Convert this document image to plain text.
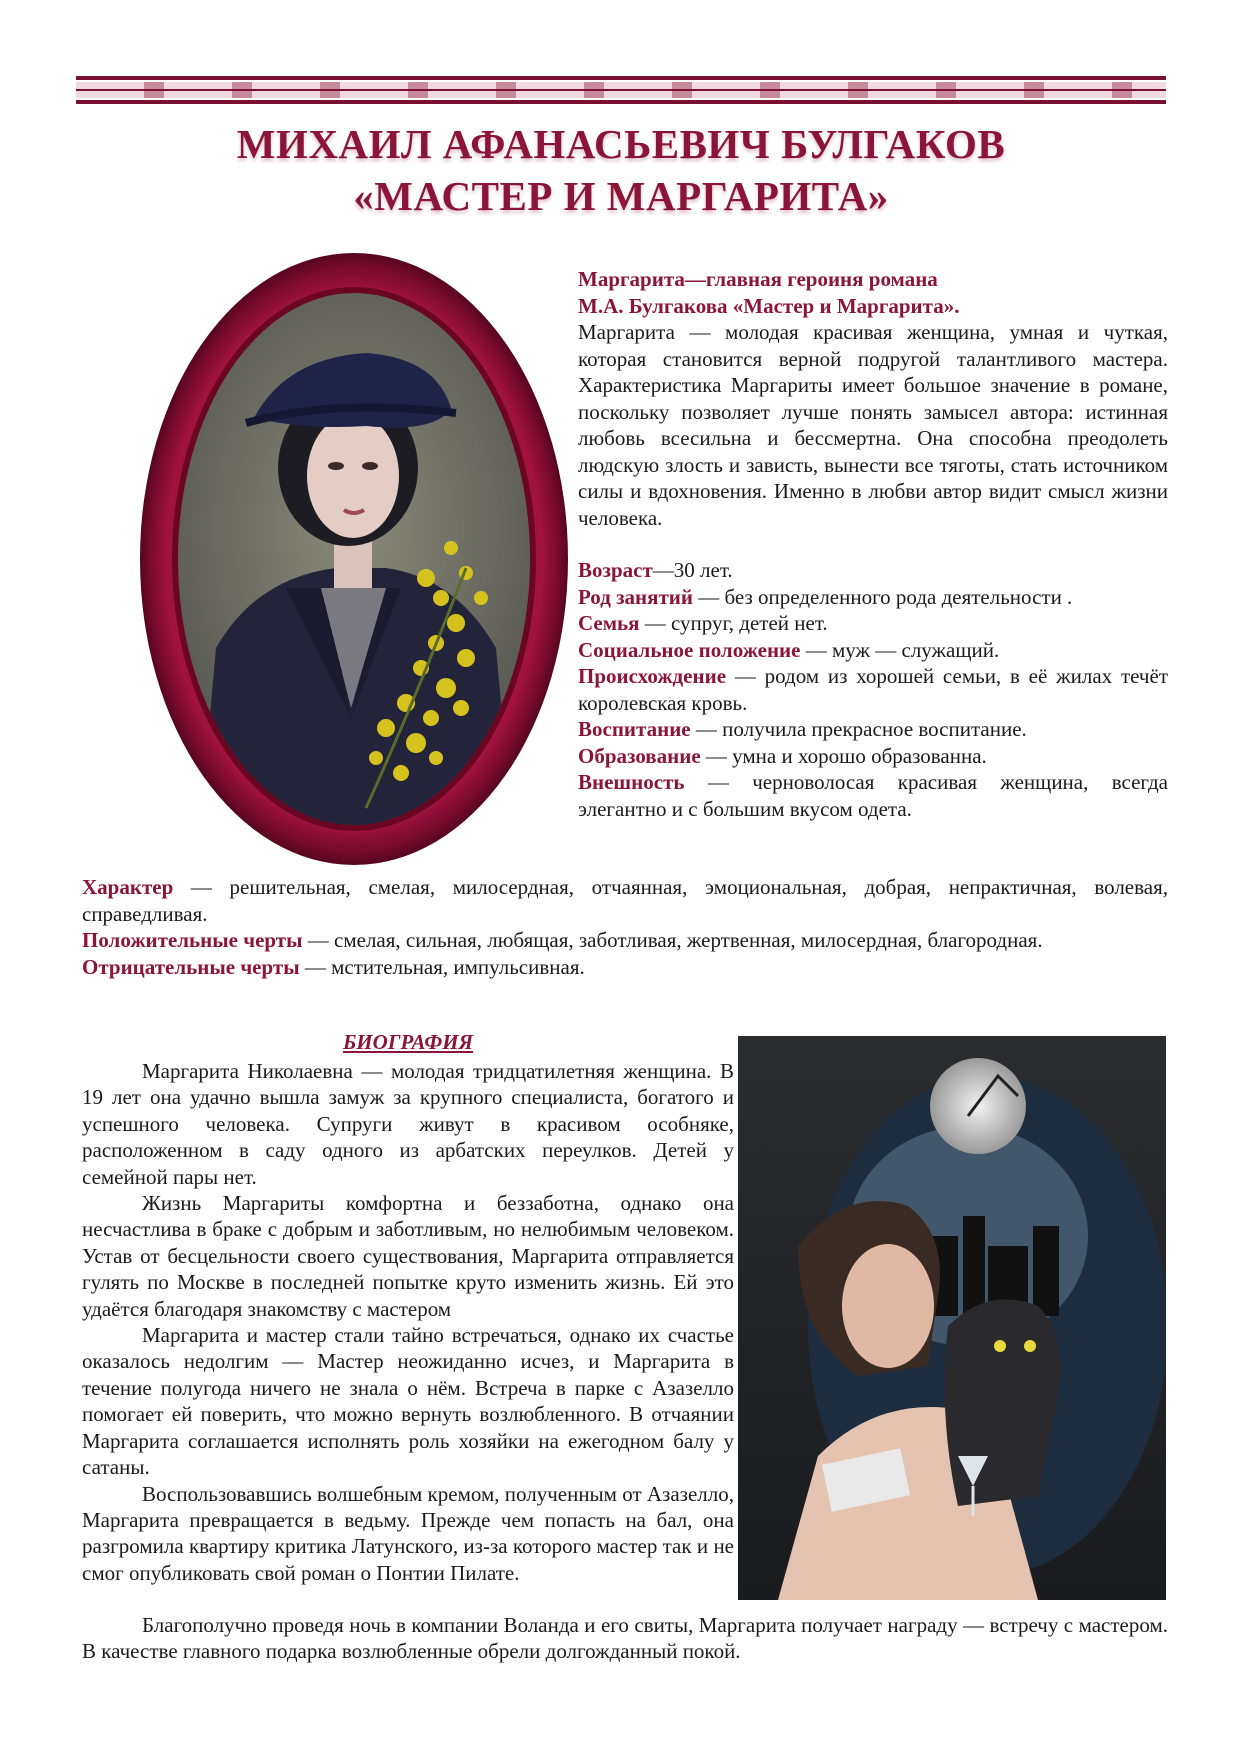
МИХАИЛ АФАНАСЬЕВИЧ БУЛГАКОВ
«МАСТЕР И МАРГАРИТА»

Маргарита—главная героиня романа

М.А. Булгакова «Мастер и Маргарита».

Маргарита — молодая красивая женщина, умная и чуткая, которая становится верной подругой талантливого мастера. Характеристика Маргариты имеет большое значение в романе, поскольку позволяет лучше понять замысел автора: истинная любовь всесильна и бессмертна. Она способна преодолеть людскую злость и зависть, вынести все тяготы, стать источником силы и вдохновения. Именно в любви автор видит смысл жизни человека.

Возраст—30 лет.

Род занятий — без определенного рода деятельности .

Семья — супруг, детей нет.

Социальное положение — муж — служащий.

Происхождение — родом из хорошей семьи, в её жилах течёт королевская кровь.

Воспитание — получила прекрасное воспитание.

Образование — умна и хорошо образованна.

Внешность — черноволосая красивая женщина, всегда элегантно и с большим вкусом одета.

Характер — решительная, смелая, милосердная, отчаянная, эмоциональная, добрая, непрактичная, волевая, справедливая.

Положительные черты — смелая, сильная, любящая, заботливая, жертвенная, милосердная, благородная.

Отрицательные черты — мстительная, импульсивная.

БИОГРАФИЯ

Маргарита Николаевна — молодая тридцатилетняя женщина. В 19 лет она удачно вышла замуж за крупного специалиста, богатого и успешного человека. Супруги живут в красивом особняке, расположенном в саду одного из арбатских переулков. Детей у семейной пары нет.

Жизнь Маргариты комфортна и беззаботна, однако она несчастлива в браке с добрым и заботливым, но нелюбимым человеком. Устав от бесцельности своего существования, Маргарита отправляется гулять по Москве в последней попытке круто изменить жизнь. Ей это удаётся благодаря знакомству с мастером

Маргарита и мастер стали тайно встречаться, однако их счастье оказалось недолгим — Мастер неожиданно исчез, и Маргарита в течение полугода ничего не знала о нём. Встреча в парке с Азазелло помогает ей поверить, что можно вернуть возлюбленного. В отчаянии Маргарита соглашается исполнять роль хозяйки на ежегодном балу у сатаны.

Воспользовавшись волшебным кремом, полученным от Азазелло, Маргарита превращается в ведьму. Прежде чем попасть на бал, она разгромила квартиру критика Латунского, из-за которого мастер так и не смог опубликовать свой роман о Понтии Пилате.

Благополучно проведя ночь в компании Воланда и его свиты, Маргарита получает награду — встречу с мастером. В качестве главного подарка возлюбленные обрели долгожданный покой.
